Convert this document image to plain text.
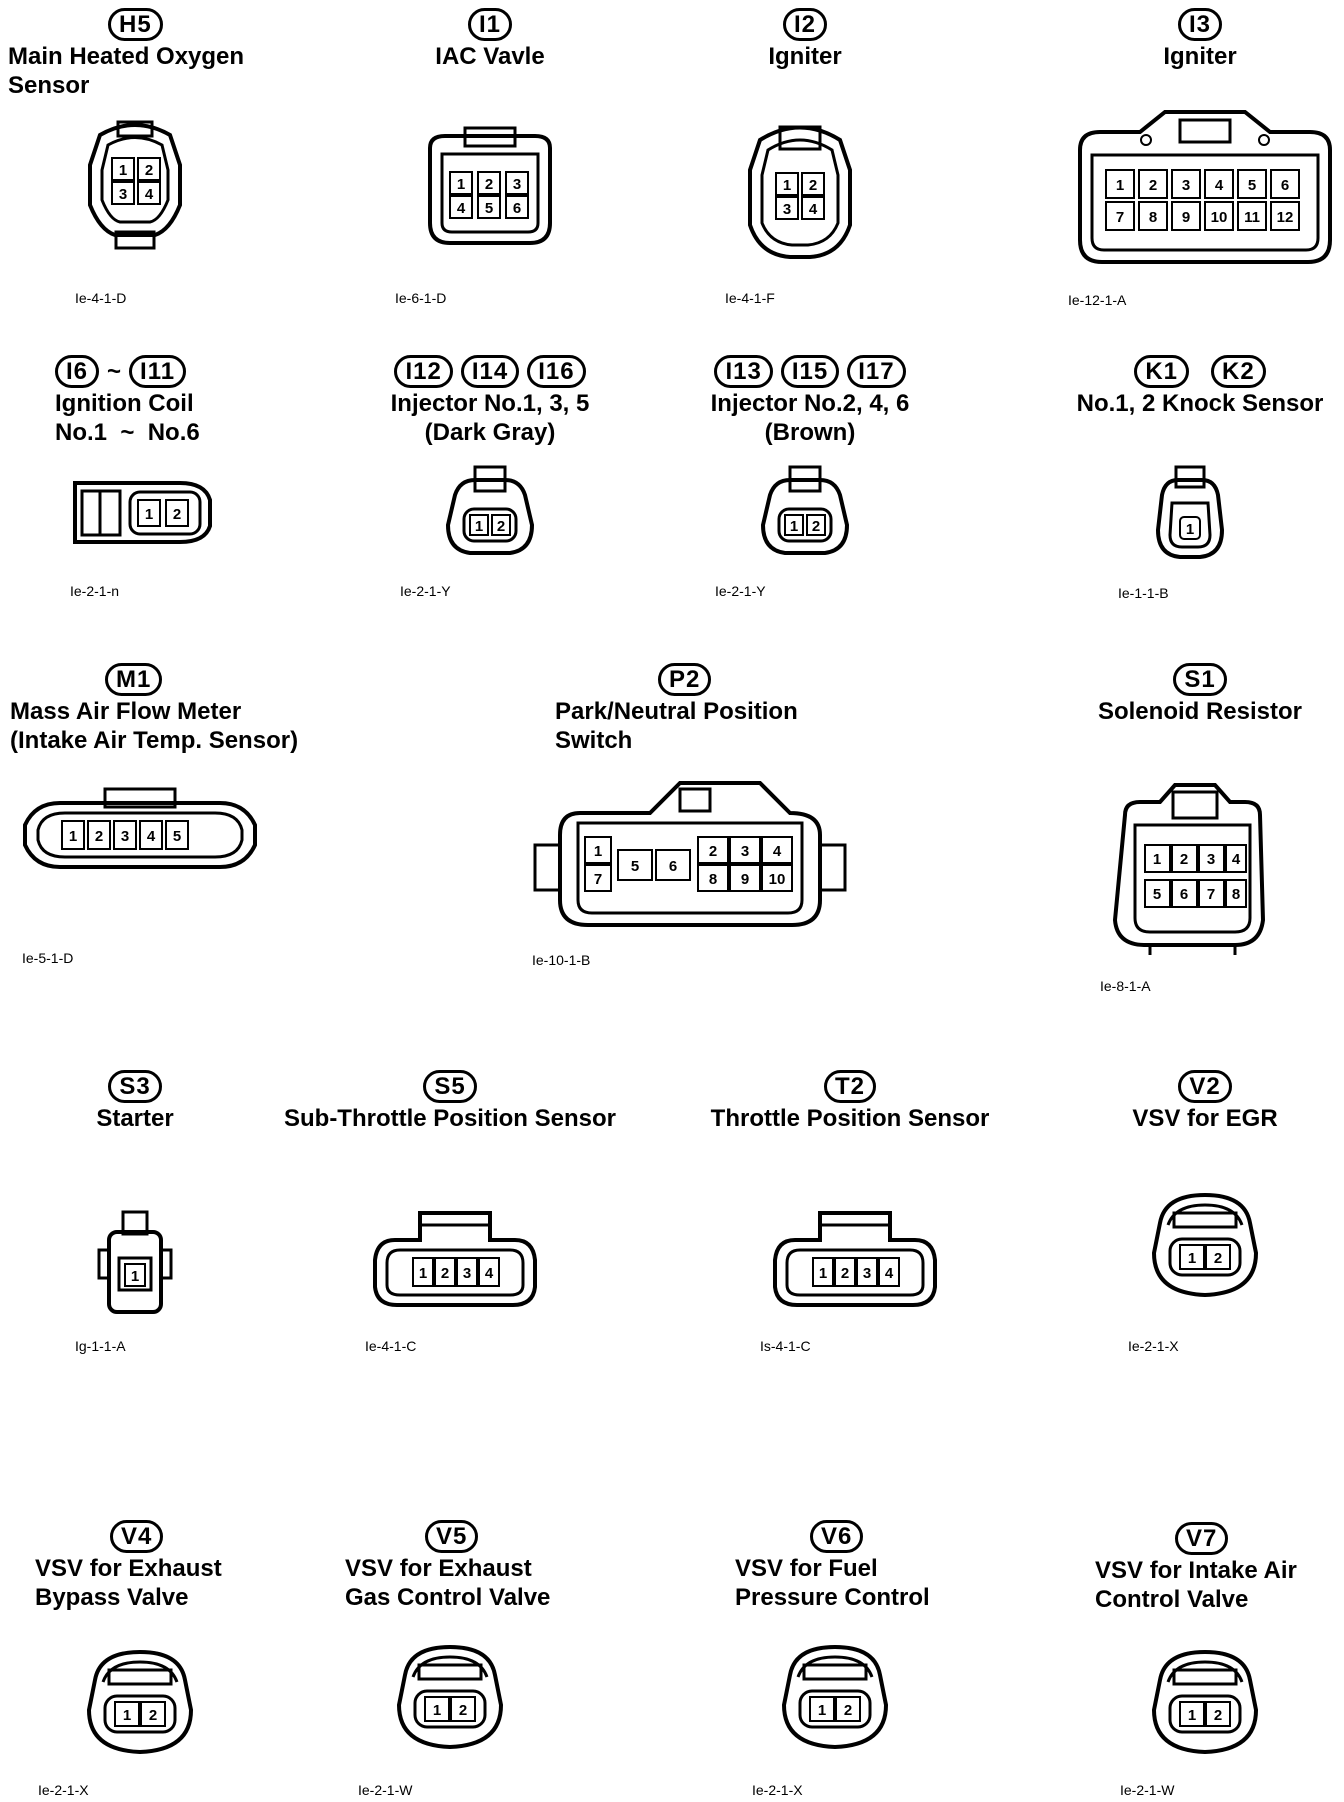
H5
Main Heated Oxygen
Sensor
1 2
3 4
Ie-4-1-D
I1
IAC Vavle
1 2 3
4 5 6
Ie-6-1-D
I2
Igniter
1 2
3 4
Ie-4-1-F
I3
Igniter
1 2 3 4 5 6
7 8 9 10 11 12
Ie-12-1-A
I6 ~ I11
Ignition Coil
No.1  ~  No.6
1 2
Ie-2-1-n
I12	I14	I16
Injector No.1, 3, 5
(Dark Gray)
1 2
Ie-2-1-Y
I13	I15	I17
Injector No.2, 4, 6
(Brown)
1 2
Ie-2-1-Y
K1	K2
No.1, 2 Knock Sensor
1
Ie-1-1-B
M1
Mass Air Flow Meter
(Intake Air Temp. Sensor)
1 2 3 4 5
Ie-5-1-D
P2
Park/Neutral Position
Switch
1	2 3 4
5 6
7	8 9 10
Ie-10-1-B
S1
Solenoid Resistor
1 2 3 4
5 6 7 8
Ie-8-1-A
S3
Starter
1
Ig-1-1-A
S5
Sub-Throttle Position Sensor
1 2 3 4
Ie-4-1-C
T2
Throttle Position Sensor
1 2 3 4
Is-4-1-C
V2
VSV for EGR
1 2
Ie-2-1-X
V4
VSV for Exhaust
Bypass Valve
1 2
Ie-2-1-X
V5
VSV for Exhaust
Gas Control Valve
1 2
Ie-2-1-W
V6
VSV for Fuel
Pressure Control
1 2
Ie-2-1-X
V7
VSV for Intake Air
Control Valve
1 2
Ie-2-1-W
